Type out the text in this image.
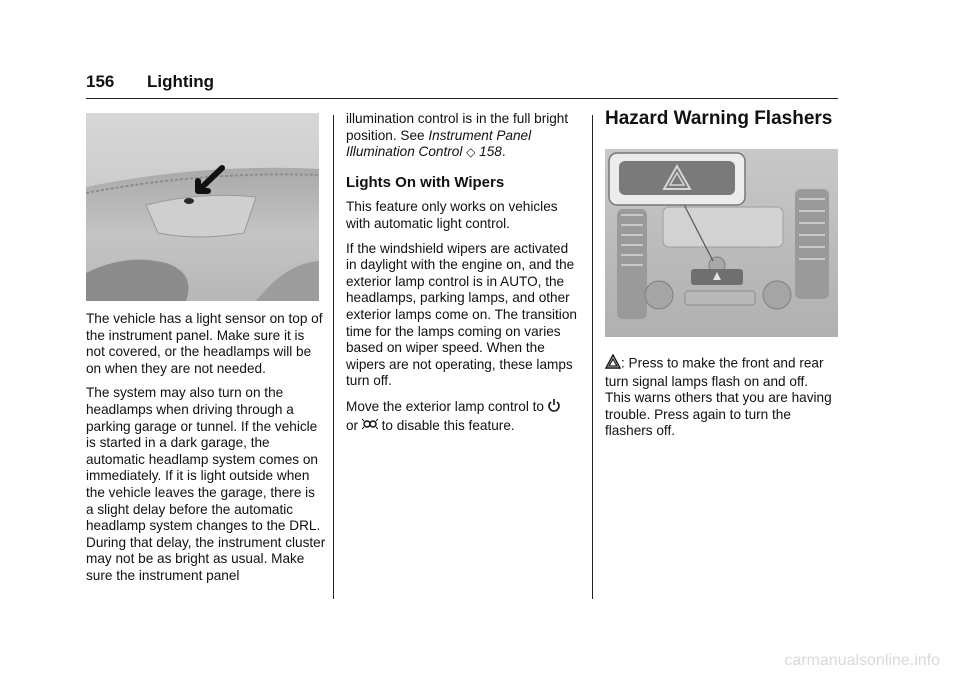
156 Lighting

The vehicle has a light sensor on top of the instrument panel. Make sure it is not covered, or the headlamps will be on when they are not needed.

The system may also turn on the headlamps when driving through a parking garage or tunnel. If the vehicle is started in a dark garage, the automatic headlamp system comes on immediately. If it is light outside when the vehicle leaves the garage, there is a slight delay before the automatic headlamp system changes to the DRL. During that delay, the instrument cluster may not be as bright as usual. Make sure the instrument panel

illumination control is in the full bright position. See Instrument Panel Illumination Control ◇ 158.

Lights On with Wipers

This feature only works on vehicles with automatic light control.

If the windshield wipers are activated in daylight with the engine on, and the exterior lamp control is in AUTO, the headlamps, parking lamps, and other exterior lamps come on. The transition time for the lamps coming on varies based on wiper speed. When the wipers are not operating, these lamps turn off.

Move the exterior lamp control to
or to disable this feature.

Hazard Warning Flashers

: Press to make the front and rear turn signal lamps flash on and off. This warns others that you are having trouble. Press again to turn the flashers off.

carmanualsonline.info
